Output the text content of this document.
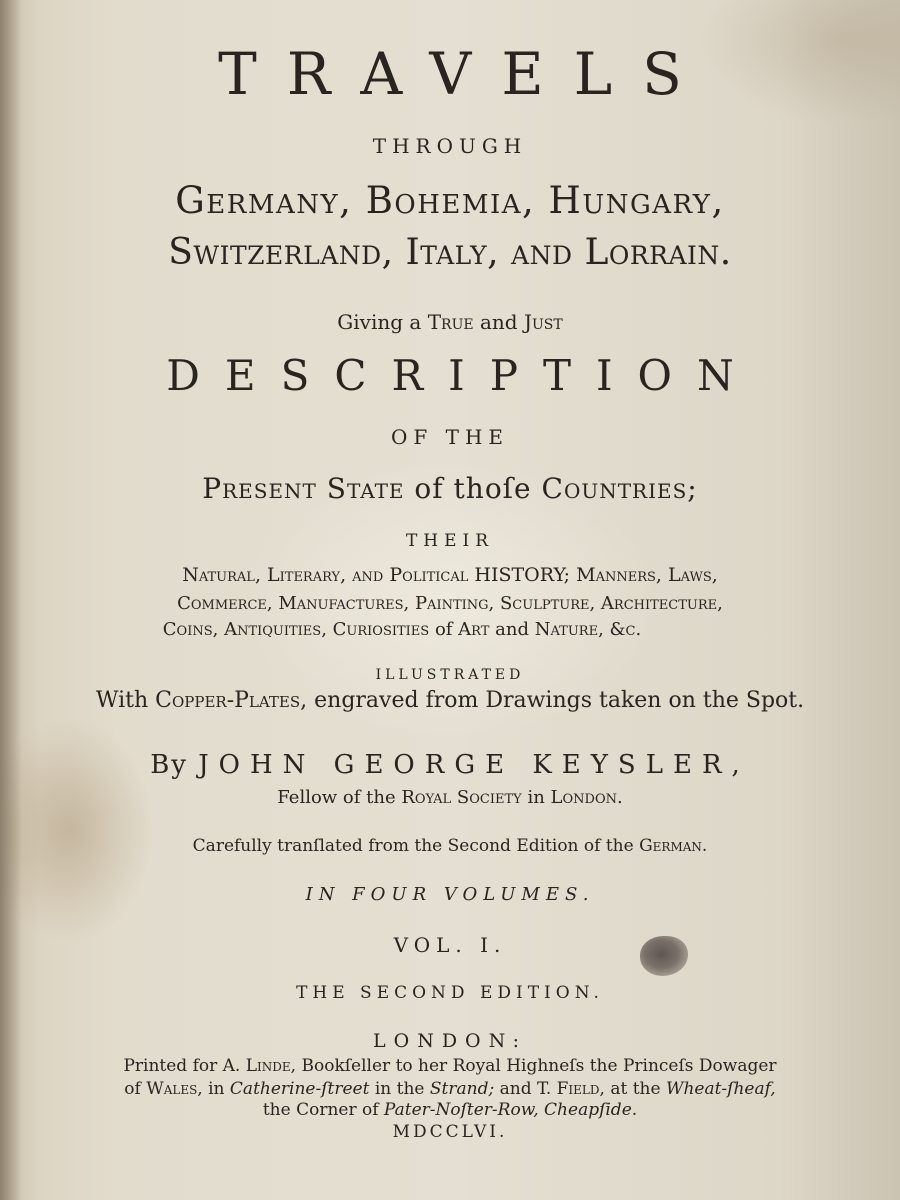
TRAVELS
THROUGH
Germany, Bohemia, Hungary,
Switzerland, Italy, and Lorrain.
Giving a True and Just
DESCRIPTION
OF THE
Present State of thoſe Countries;
THEIR
Natural, Literary, and Political HISTORY; Manners, Laws,
Commerce, Manufactures, Painting, Sculpture, Architecture,
Coins, Antiquities, Curiosities of Art and Nature, &c.
ILLUSTRATED
With Copper-Plates, engraved from Drawings taken on the Spot.
By JOHN GEORGE KEYSLER,
Fellow of the Royal Society in London.
Carefully tranſlated from the Second Edition of the German.
IN FOUR VOLUMES.
VOL. I.
THE SECOND EDITION.
LONDON:
Printed for A. Linde, Bookſeller to her Royal Highneſs the Princeſs Dowager
of Wales, in Catherine-ſtreet in the Strand; and T. Field, at the Wheat-ſheaf,
the Corner of Pater-Noſter-Row, Cheapſide.
MDCCLVI.
